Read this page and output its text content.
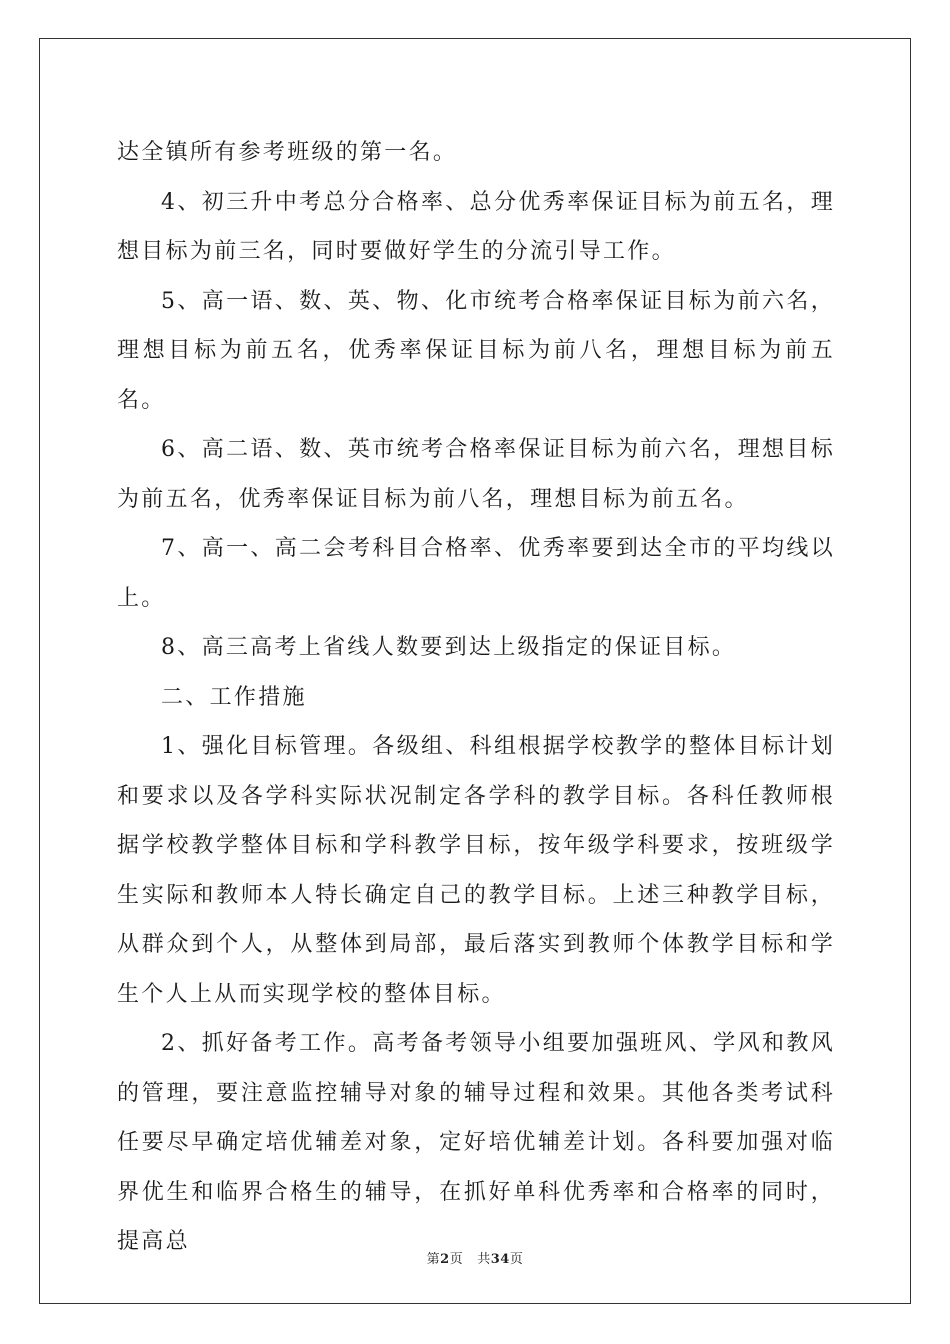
达全镇所有参考班级的第一名。

4、初三升中考总分合格率、总分优秀率保证目标为前五名，理想目标为前三名，同时要做好学生的分流引导工作。

5、高一语、数、英、物、化市统考合格率保证目标为前六名，理想目标为前五名，优秀率保证目标为前八名，理想目标为前五名。

6、高二语、数、英市统考合格率保证目标为前六名，理想目标为前五名，优秀率保证目标为前八名，理想目标为前五名。

7、高一、高二会考科目合格率、优秀率要到达全市的平均线以上。

8、高三高考上省线人数要到达上级指定的保证目标。

二、工作措施

1、强化目标管理。各级组、科组根据学校教学的整体目标计划和要求以及各学科实际状况制定各学科的教学目标。各科任教师根据学校教学整体目标和学科教学目标，按年级学科要求，按班级学生实际和教师本人特长确定自己的教学目标。上述三种教学目标，从群众到个人，从整体到局部，最后落实到教师个体教学目标和学生个人上从而实现学校的整体目标。

2、抓好备考工作。高考备考领导小组要加强班风、学风和教风的管理，要注意监控辅导对象的辅导过程和效果。其他各类考试科任要尽早确定培优辅差对象，定好培优辅差计划。各科要加强对临界优生和临界合格生的辅导，在抓好单科优秀率和合格率的同时，提高总

第2页 共34页
